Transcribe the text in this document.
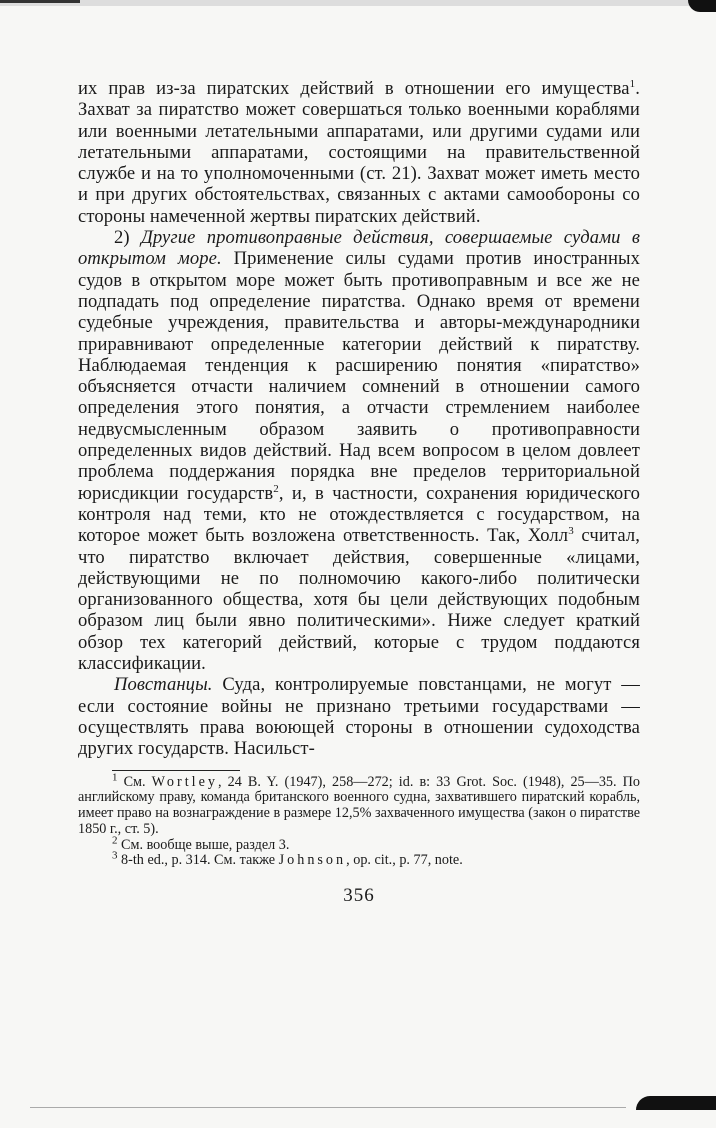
их прав из-за пиратских действий в отношении его имущества$^1$. Захват за пиратство может совершаться только военными кораблями или военными летательными аппаратами, или другими судами или летательными аппаратами, состоящими на правительственной службе и на то уполномоченными (ст. 21). Захват может иметь место и при других обстоятельствах, связанных с актами самообороны со стороны намеченной жертвы пиратских действий.

2) Другие противоправные действия, совершаемые судами в открытом море. Применение силы судами против иностранных судов в открытом море может быть противоправным и все же не подпадать под определение пиратства. Однако время от времени судебные учреждения, правительства и авторы-международники приравнивают определенные категории действий к пиратству. Наблюдаемая тенденция к расширению понятия «пиратство» объясняется отчасти наличием сомнений в отношении самого определения этого понятия, а отчасти стремлением наиболее недвусмысленным образом заявить о противоправности определенных видов действий. Над всем вопросом в целом довлеет проблема поддержания порядка вне пределов территориальной юрисдикции государств$^2$, и, в частности, сохранения юридического контроля над теми, кто не отождествляется с государством, на которое может быть возложена ответственность. Так, Холл$^3$ считал, что пиратство включает действия, совершенные «лицами, действующими не по полномочию какого-либо политически организованного общества, хотя бы цели действующих подобным образом лиц были явно политическими». Ниже следует краткий обзор тех категорий действий, которые с трудом поддаются классификации.

Повстанцы. Суда, контролируемые повстанцами, не могут — если состояние войны не признано третьими государствами — осуществлять права воюющей стороны в отношении судоходства других государств. Насильст-

$^1$ См. Wortley, 24 B. Y. (1947), 258—272; id. в: 33 Grot. Soc. (1948), 25—35. По английскому праву, команда британского военного судна, захватившего пиратский корабль, имеет право на вознаграждение в размере 12,5% захваченного имущества (закон о пиратстве 1850 г., ст. 5).

$^2$ См. вообще выше, раздел 3.

$^3$ 8-th ed., p. 314. См. также Johnson, op. cit., p. 77, note.

356
